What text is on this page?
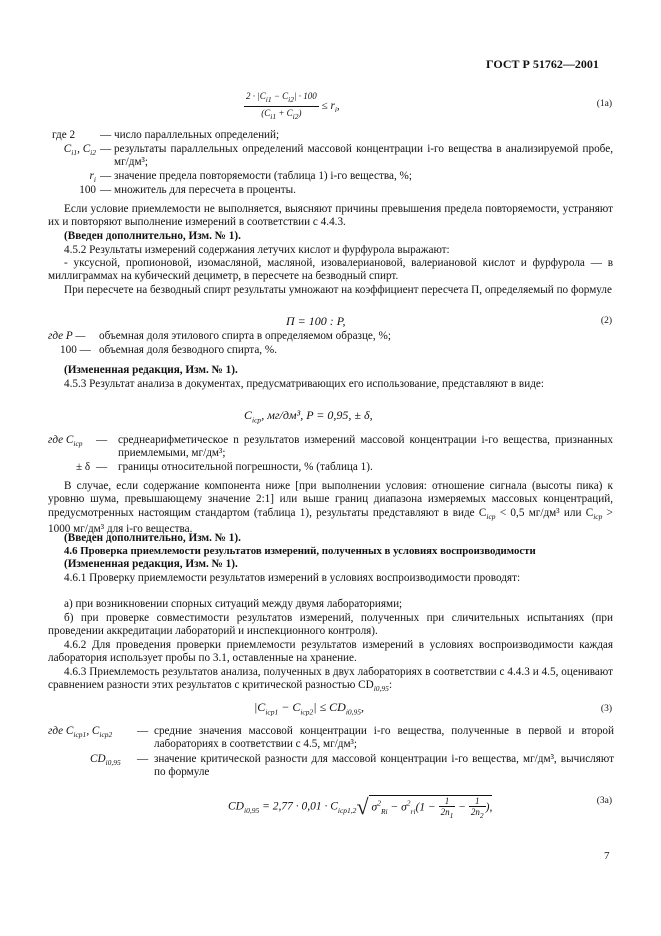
ГОСТ Р 51762—2001
$\frac{2 \cdot |C_{i1} - C_{i2}| \cdot 100}{(C_{i1} + C_{i2})} \le r_i$,	(1а)
где 2	— число параллельных определений;
$C_{i1}$, $C_{i2}$ — результаты параллельных определений массовой концентрации i-го вещества в анализируемой пробе, мг/дм³;
$r_i$ — значение предела повторяемости (таблица 1) i-го вещества, %;
100 — множитель для пересчета в проценты.
Если условие приемлемости не выполняется, выясняют причины превышения предела повторяемости, устраняют их и повторяют выполнение измерений в соответствии с 4.4.3.
(Введен дополнительно, Изм. № 1).
4.5.2 Результаты измерений содержания летучих кислот и фурфурола выражают:
- уксусной, пропионовой, изомасляной, масляной, изовалериановой, валериановой кислот и фурфурола — в миллиграммах на кубический дециметр, в пересчете на безводный спирт.
При пересчете на безводный спирт результаты умножают на коэффициент пересчета П, определяемый по формуле
П = 100 : P,	(2)
где P —	объемная доля этилового спирта в определяемом образце, %;
100 — объемная доля безводного спирта, %.
(Измененная редакция, Изм. № 1).
4.5.3 Результат анализа в документах, предусматривающих его использование, представляют в виде:
$C_{icp}$, мг/дм³, P = 0,95, ± δ,
где $C_{icp}$	— среднеарифметическое n результатов измерений массовой концентрации i-го вещества, признанных приемлемыми, мг/дм³;
± δ — границы относительной погрешности, % (таблица 1).
В случае, если содержание компонента ниже [при выполнении условия: отношение сигнала (высоты пика) к уровню шума, превышающему значение 2:1] или выше границ диапазона измеряемых массовых концентраций, предусмотренных настоящим стандартом (таблица 1), результаты представляют в виде $C_{icp} < 0,5$ мг/дм³ или $C_{icp} > 1000$ мг/дм³ для i-го вещества.
(Введен дополнительно, Изм. № 1).
4.6 Проверка приемлемости результатов измерений, полученных в условиях воспроизводимости
(Измененная редакция, Изм. № 1).
4.6.1 Проверку приемлемости результатов измерений в условиях воспроизводимости проводят:
а) при возникновении спорных ситуаций между двумя лабораториями;
б) при проверке совместимости результатов измерений, полученных при сличительных испытаниях (при проведении аккредитации лабораторий и инспекционного контроля).
4.6.2 Для проведения проверки приемлемости результатов измерений в условиях воспроизводимости каждая лаборатория использует пробы по 3.1, оставленные на хранение.
4.6.3 Приемлемость результатов анализа, полученных в двух лабораториях в соответствии с 4.4.3 и 4.5, оценивают сравнением разности этих результатов с критической разностью $CD_{i0,95}$:
$|C_{icp1} - C_{icp2}| \le CD_{i0,95}$,	(3)
где $C_{icp1}$, $C_{icp2}$	— средние значения массовой концентрации i-го вещества, полученные в первой и второй лабораториях в соответствии с 4.5, мг/дм³;
$CD_{i0,95}$	— значение критической разности для массовой концентрации i-го вещества, мг/дм³, вычисляют по формуле
$CD_{i0,95} = 2,77 \cdot 0,01 \cdot C_{icp1,2}√$ $\sigma^2_{Ri} - \sigma^2_{ri}(1 - \frac{1}{2n_1} - \frac{1}{2n_2}$ ),
(3а)
7
